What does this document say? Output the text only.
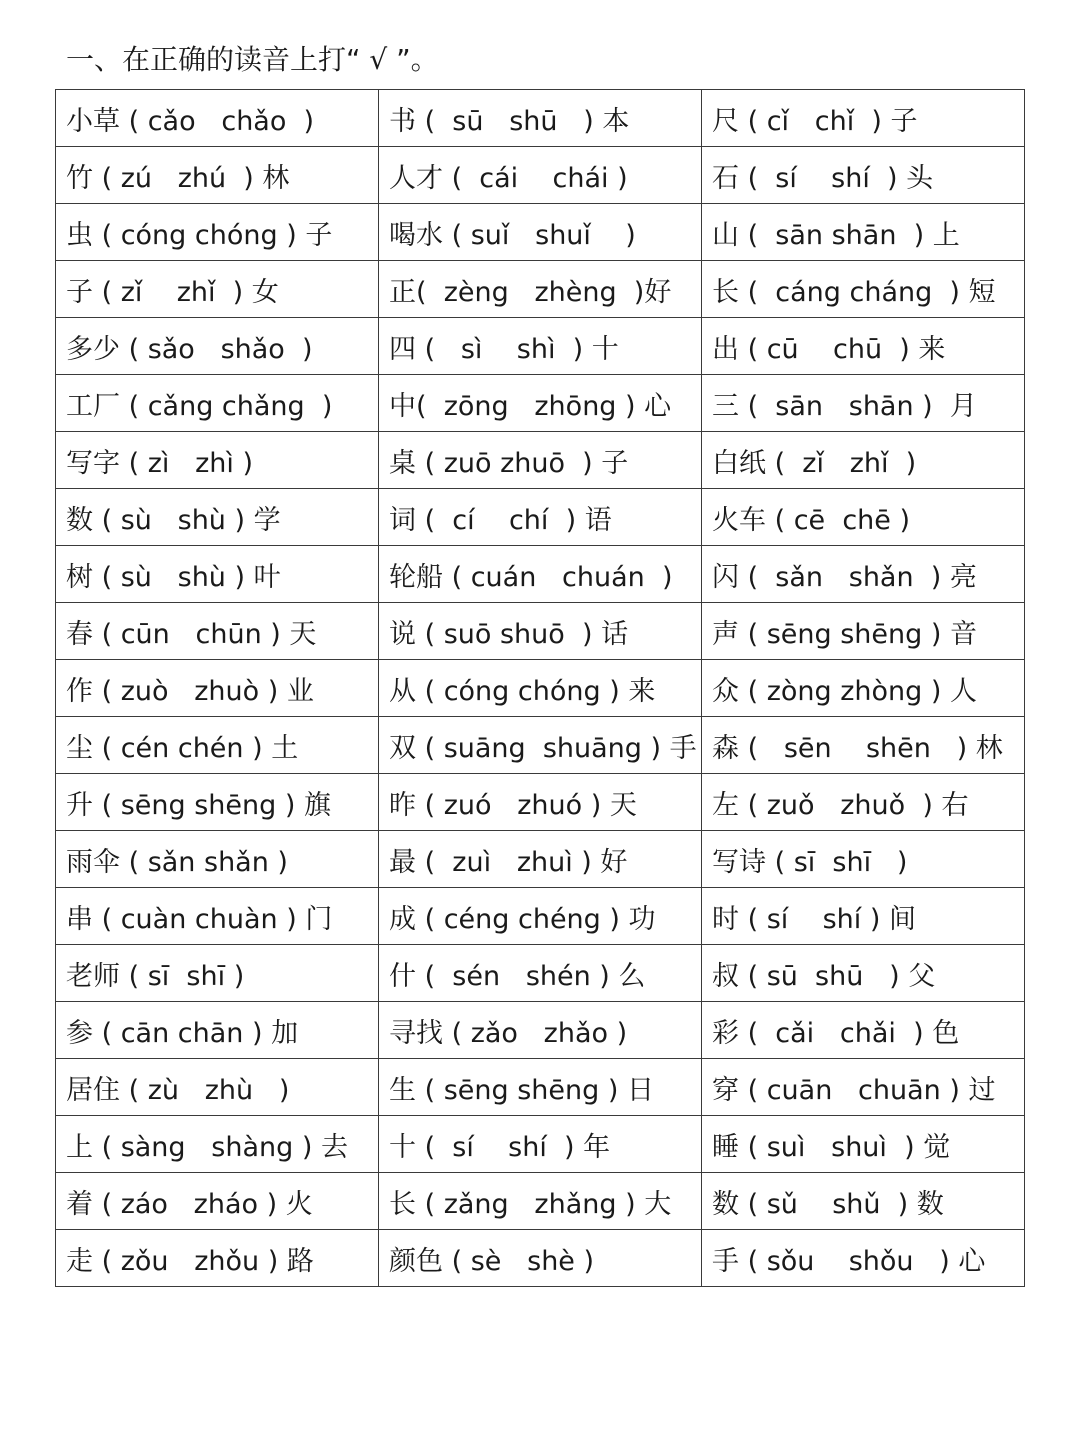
一、在正确的读音上打“ √ ”。
小草 ( cǎo   chǎo  )	书 (  sū   shū   ) 本	尺 ( cǐ   chǐ  ) 子
竹 ( zú   zhú  ) 林	人才 (  cái    chái )	石 (  sí    shí  ) 头
虫 ( cóng chóng ) 子	喝水 ( suǐ   shuǐ    )	山 (  sān shān  ) 上
子 ( zǐ    zhǐ  ) 女	正(  zèng   zhèng  )好	长 (  cáng cháng  ) 短
多少 ( sǎo   shǎo  )	四 (   sì    shì  ) 十	出 ( cū    chū  ) 来
工厂 ( cǎng chǎng  )	中(  zōng   zhōng ) 心	三 (  sān   shān )  月
写字 ( zì   zhì )	桌 ( zuō zhuō  ) 子	白纸 (  zǐ   zhǐ  )
数 ( sù   shù ) 学	词 (  cí    chí  ) 语	火车 ( cē  chē )
树 ( sù   shù ) 叶	轮船 ( cuán   chuán  )	闪 (  sǎn   shǎn  ) 亮
春 ( cūn   chūn ) 天	说 ( suō shuō  ) 话	声 ( sēng shēng ) 音
作 ( zuò   zhuò ) 业	从 ( cóng chóng ) 来	众 ( zòng zhòng ) 人
尘 ( cén chén ) 土	双 ( suāng  shuāng ) 手	森 (   sēn    shēn   ) 林
升 ( sēng shēng ) 旗	昨 ( zuó   zhuó ) 天	左 ( zuǒ   zhuǒ  ) 右
雨伞 ( sǎn shǎn )	最 (  zuì   zhuì ) 好	写诗 ( sī  shī   )
串 ( cuàn chuàn ) 门	成 ( céng chéng ) 功	时 ( sí    shí ) 间
老师 ( sī  shī )	什 (  sén   shén ) 么	叔 ( sū  shū   ) 父
参 ( cān chān ) 加	寻找 ( zǎo   zhǎo )	彩 (  cǎi   chǎi  ) 色
居住 ( zù   zhù   )	生 ( sēng shēng ) 日	穿 ( cuān   chuān ) 过
上 ( sàng   shàng ) 去	十 (  sí    shí  ) 年	睡 ( suì   shuì  ) 觉
着 ( záo   zháo ) 火	长 ( zǎng   zhǎng ) 大	数 ( sǔ    shǔ  ) 数
走 ( zǒu   zhǒu ) 路	颜色 ( sè   shè )	手 ( sǒu    shǒu   ) 心
